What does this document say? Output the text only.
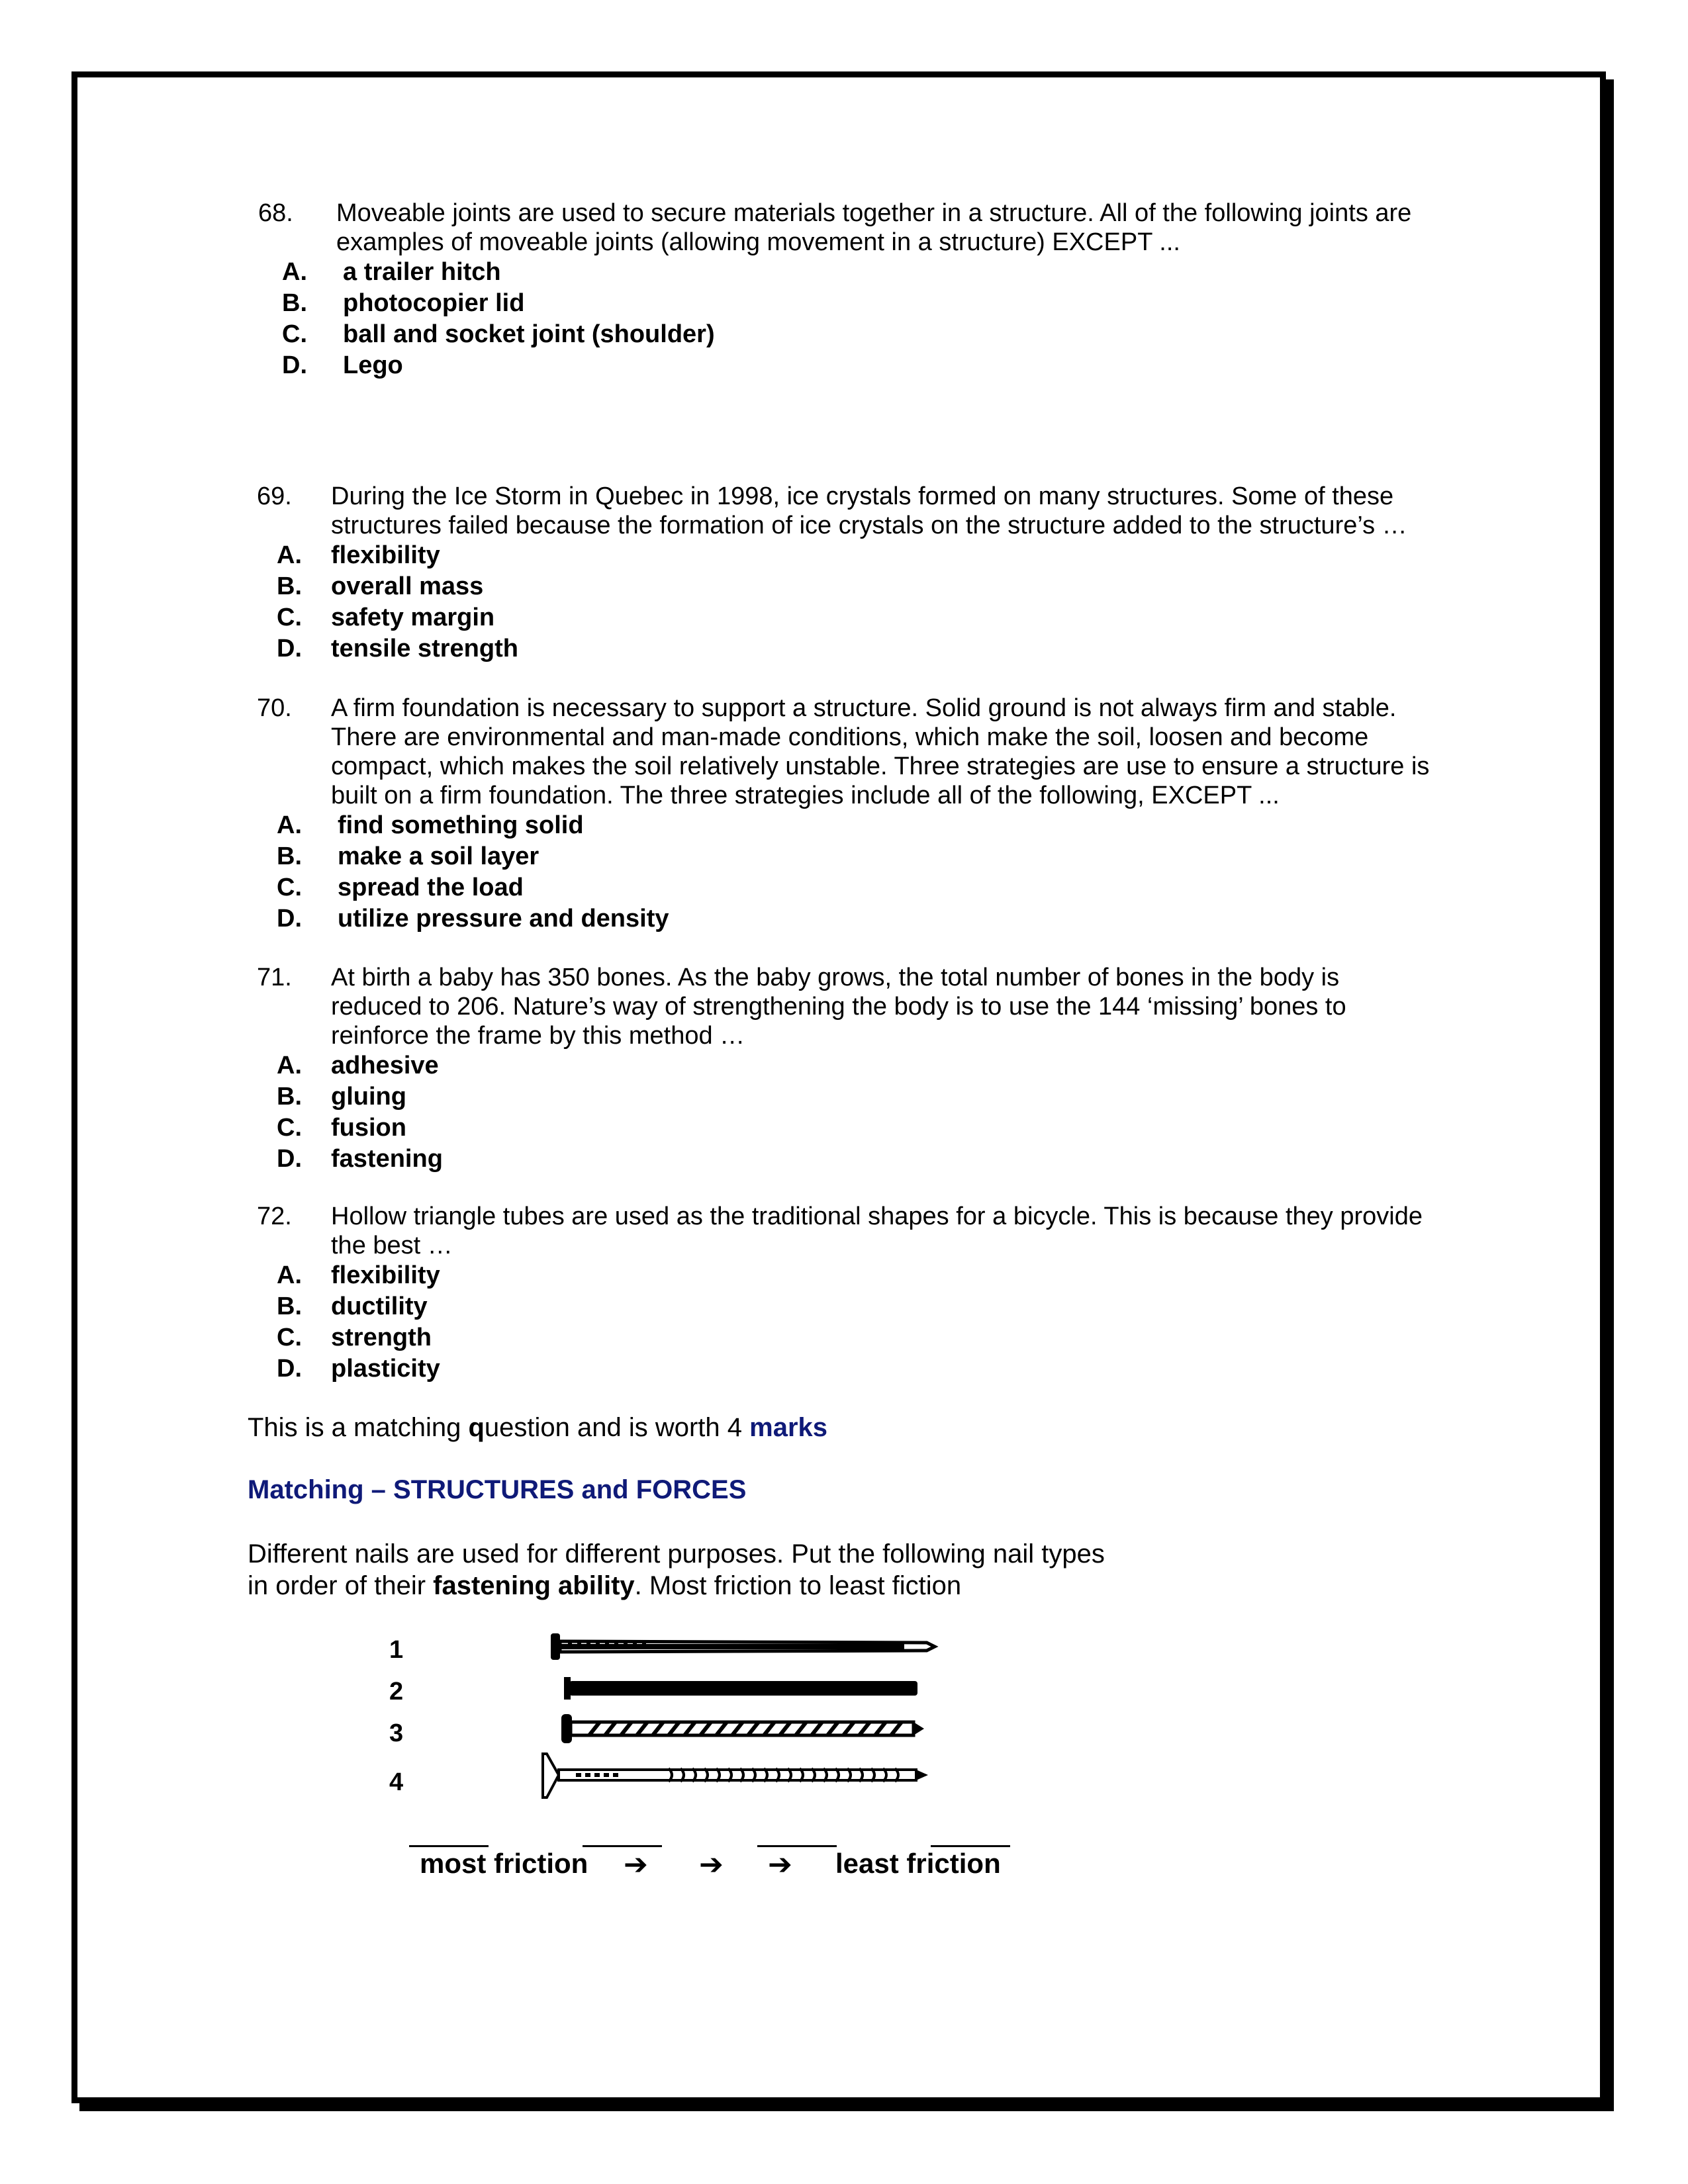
68. Moveable joints are used to secure materials together in a structure. All of the following joints are examples of moveable joints (allowing movement in a structure) EXCEPT ...
A. a trailer hitch
B. photocopier lid
C. ball and socket joint (shoulder)
D. Lego
69. During the Ice Storm in Quebec in 1998, ice crystals formed on many structures. Some of these structures failed because the formation of ice crystals on the structure added to the structure’s …
A. flexibility
B. overall mass
C. safety margin
D. tensile strength
70. A firm foundation is necessary to support a structure. Solid ground is not always firm and stable. There are environmental and man-made conditions, which make the soil, loosen and become compact, which makes the soil relatively unstable. Three strategies are use to ensure a structure is built on a firm foundation. The three strategies include all of the following, EXCEPT ...
A. find something solid
B. make a soil layer
C. spread the load
D. utilize pressure and density
71. At birth a baby has 350 bones. As the baby grows, the total number of bones in the body is reduced to 206. Nature’s way of strengthening the body is to use the 144 ‘missing’ bones to reinforce the frame by this method …
A. adhesive
B. gluing
C. fusion
D. fastening
72. Hollow triangle tubes are used as the traditional shapes for a bicycle. This is because they provide the best …
A. flexibility
B. ductility
C. strength
D. plasticity
This is a matching question and is worth 4 marks
Matching – STRUCTURES and FORCES
Different nails are used for different purposes. Put the following nail types
in order of their fastening ability. Most friction to least fiction
1
2
3
4
most friction ➔ ➔ ➔ least friction
